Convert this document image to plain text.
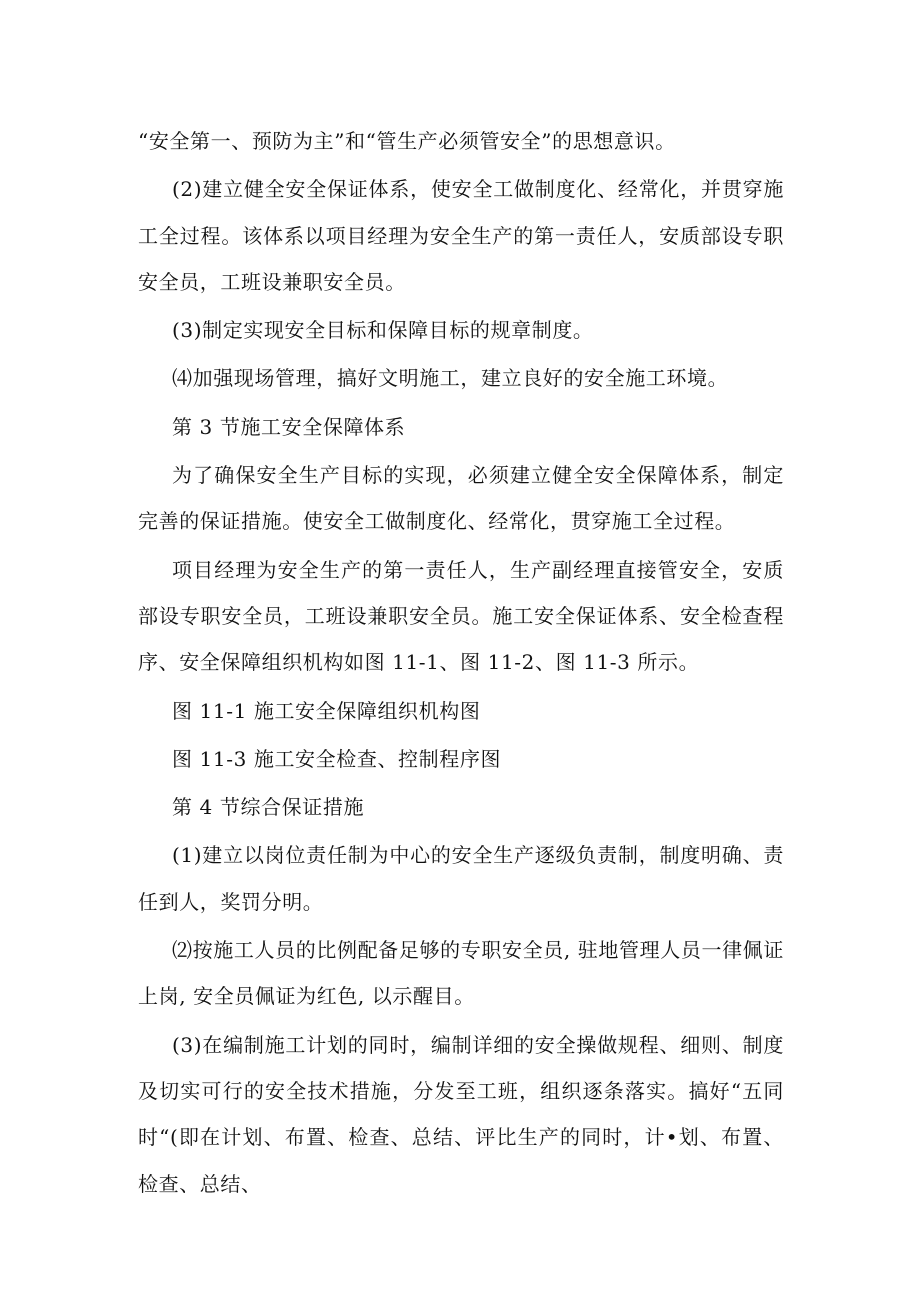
“安全第一、预防为主”和“管生产必须管安全”的思想意识。

(2)建立健全安全保证体系，使安全工做制度化、经常化，并贯穿施工全过程。该体系以项目经理为安全生产的第一责任人，安质部设专职安全员，工班设兼职安全员。

(3)制定实现安全目标和保障目标的规章制度。

⑷加强现场管理，搞好文明施工，建立良好的安全施工环境。

第 3 节施工安全保障体系

为了确保安全生产目标的实现，必须建立健全安全保障体系，制定完善的保证措施。使安全工做制度化、经常化，贯穿施工全过程。

项目经理为安全生产的第一责任人，生产副经理直接管安全，安质部设专职安全员，工班设兼职安全员。施工安全保证体系、安全检查程序、安全保障组织机构如图 11-1、图 11-2、图 11-3 所示。

图 11-1 施工安全保障组织机构图

图 11-3 施工安全检查、控制程序图

第 4 节综合保证措施

(1)建立以岗位责任制为中心的安全生产逐级负责制，制度明确、责任到人，奖罚分明。

⑵按施工人员的比例配备足够的专职安全员, 驻地管理人员一律佩证上岗, 安全员佩证为红色, 以示醒目。

(3)在编制施工计划的同时，编制详细的安全操做规程、细则、制度及切实可行的安全技术措施，分发至工班，组织逐条落实。搞好“五同时“(即在计划、布置、检查、总结、评比生产的同时，计•划、布置、检查、总结、
